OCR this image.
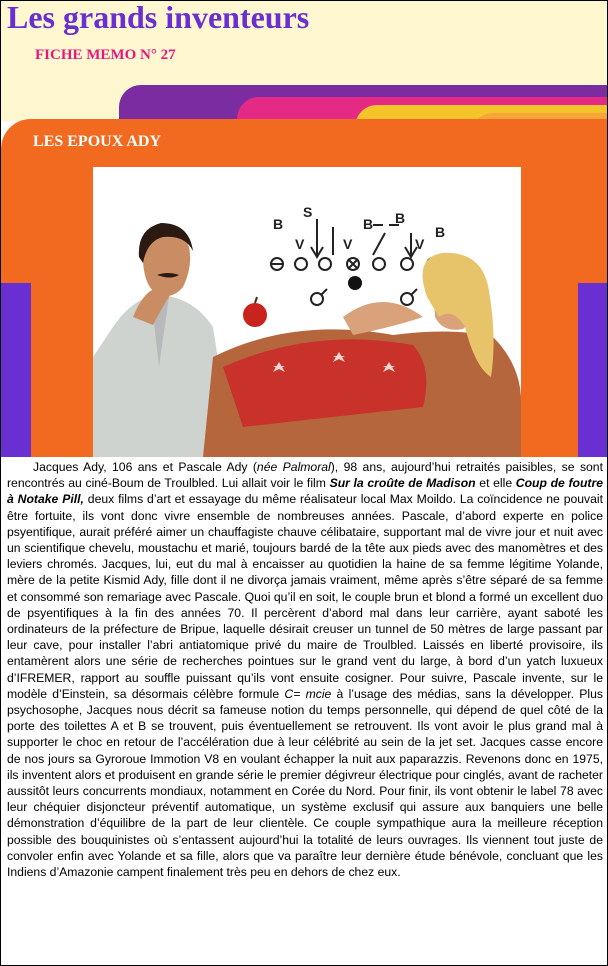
Les grands inventeurs
FICHE MEMO N° 27
LES EPOUX ADY
B
S
V
B B
V	V
B

Jacques Ady, 106 ans et Pascale Ady (née Palmoral), 98 ans, aujourd’hui retraités paisibles, se sont rencontrés au ciné-Boum de Troulbled. Lui allait voir le film Sur la croûte de Madison et elle Coup de foutre à Notake Pill, deux films d’art et essayage du même réalisateur local Max Moildo. La coïncidence ne pouvait être fortuite, ils vont donc vivre ensemble de nombreuses années. Pascale, d’abord experte en police psyentifique, aurait préféré aimer un chauffagiste chauve célibataire, supportant mal de vivre jour et nuit avec un scientifique chevelu, moustachu et marié, toujours bardé de la tête aux pieds avec des manomètres et des leviers chromés. Jacques, lui, eut du mal à encaisser au quotidien la haine de sa femme légitime Yolande, mère de la petite Kismid Ady, fille dont il ne divorça jamais vraiment, même après s’être séparé de sa femme et consommé son remariage avec Pascale. Quoi qu’il en soit, le couple brun et blond a formé un excellent duo de psyentifiques à la fin des années 70. Il percèrent d’abord mal dans leur carrière, ayant saboté les ordinateurs de la préfecture de Bripue, laquelle désirait creuser un tunnel de 50 mètres de large passant par leur cave, pour installer l’abri antiatomique privé du maire de Troulbled. Laissés en liberté provisoire, ils entamèrent alors une série de recherches pointues sur le grand vent du large, à bord d’un yatch luxueux d’IFREMER, rapport au souffle puissant qu’ils vont ensuite cosigner. Pour suivre, Pascale invente, sur le modèle d’Einstein, sa désormais célèbre formule C= mcie à l’usage des médias, sans la développer. Plus psychosophe, Jacques nous décrit sa fameuse notion du temps personnelle, qui dépend de quel côté de la porte des toilettes A et B se trouvent, puis éventuellement se retrouvent. Ils vont avoir le plus grand mal à supporter le choc en retour de l’accélération due à leur célébrité au sein de la jet set. Jacques casse encore de nos jours sa Gyroroue Immotion V8 en voulant échapper la nuit aux paparazzis. Revenons donc en 1975, ils inventent alors et produisent en grande série le premier dégivreur électrique pour cinglés, avant de racheter aussitôt leurs concurrents mondiaux, notamment en Corée du Nord. Pour finir, ils vont obtenir le label 78 avec leur chéquier disjoncteur préventif automatique, un système exclusif qui assure aux banquiers une belle démonstration d’équilibre de la part de leur clientèle. Ce couple sympathique aura la meilleure réception possible des bouquinistes où s’entassent aujourd’hui la totalité de leurs ouvrages. Ils viennent tout juste de convoler enfin avec Yolande et sa fille, alors que va paraître leur dernière étude bénévole, concluant que les Indiens d’Amazonie campent finalement très peu en dehors de chez eux.
